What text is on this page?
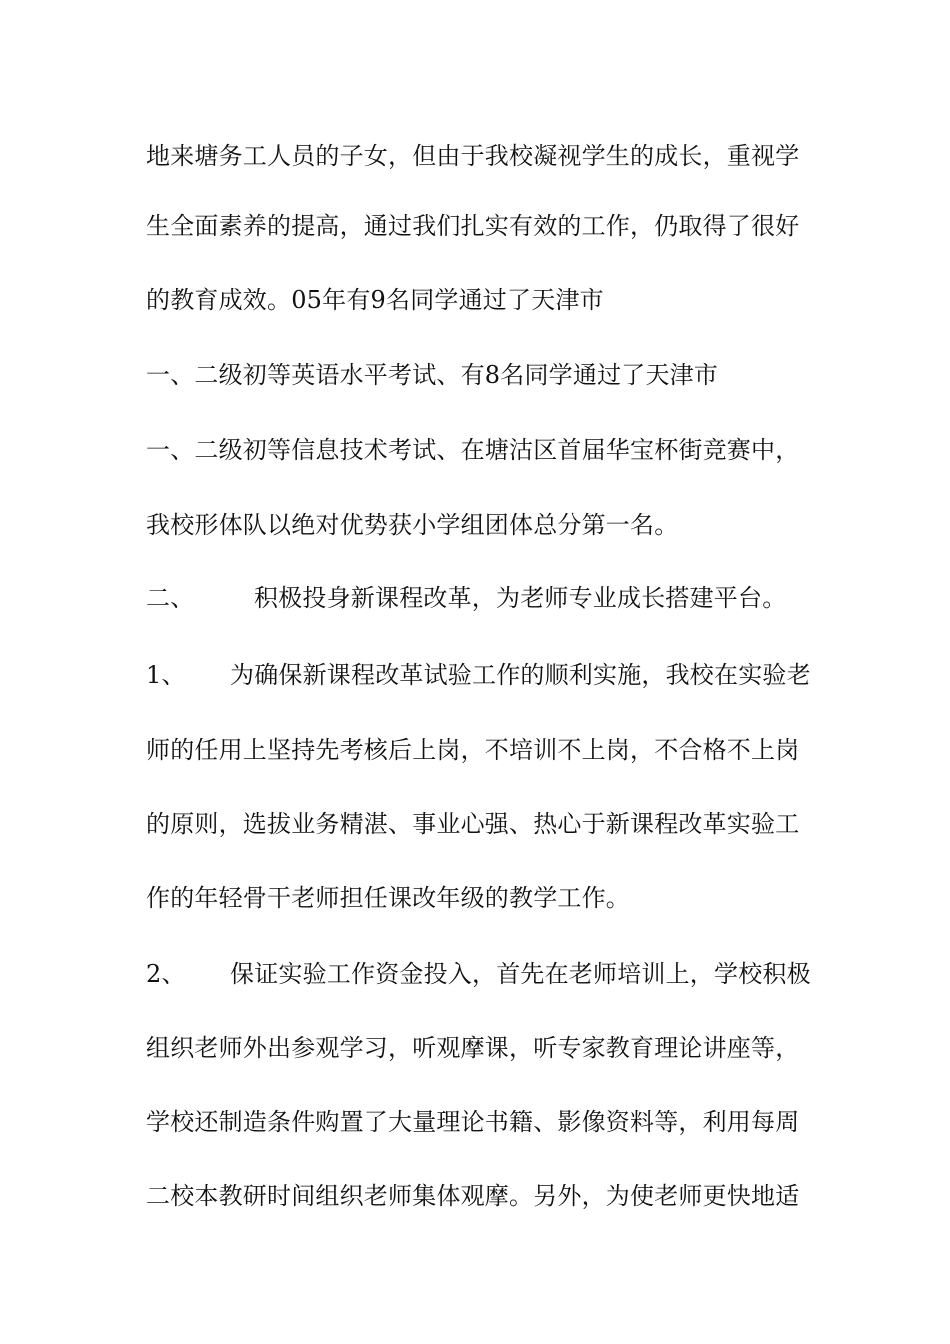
地来塘务工人员的子女，但由于我校凝视学生的成长，重视学
生全面素养的提高，通过我们扎实有效的工作，仍取得了很好
的教育成效。05年有9名同学通过了天津市
一、二级初等英语水平考试、有8名同学通过了天津市
一、二级初等信息技术考试、在塘沽区首届华宝杯街竞赛中，
我校形体队以绝对优势获小学组团体总分第一名。
二、 积极投身新课程改革，为老师专业成长搭建平台。
1、 为确保新课程改革试验工作的顺利实施，我校在实验老
师的任用上坚持先考核后上岗，不培训不上岗，不合格不上岗
的原则，选拔业务精湛、事业心强、热心于新课程改革实验工
作的年轻骨干老师担任课改年级的教学工作。
2、 保证实验工作资金投入，首先在老师培训上，学校积极
组织老师外出参观学习，听观摩课，听专家教育理论讲座等，
学校还制造条件购置了大量理论书籍、影像资料等，利用每周
二校本教研时间组织老师集体观摩。另外，为使老师更快地适
